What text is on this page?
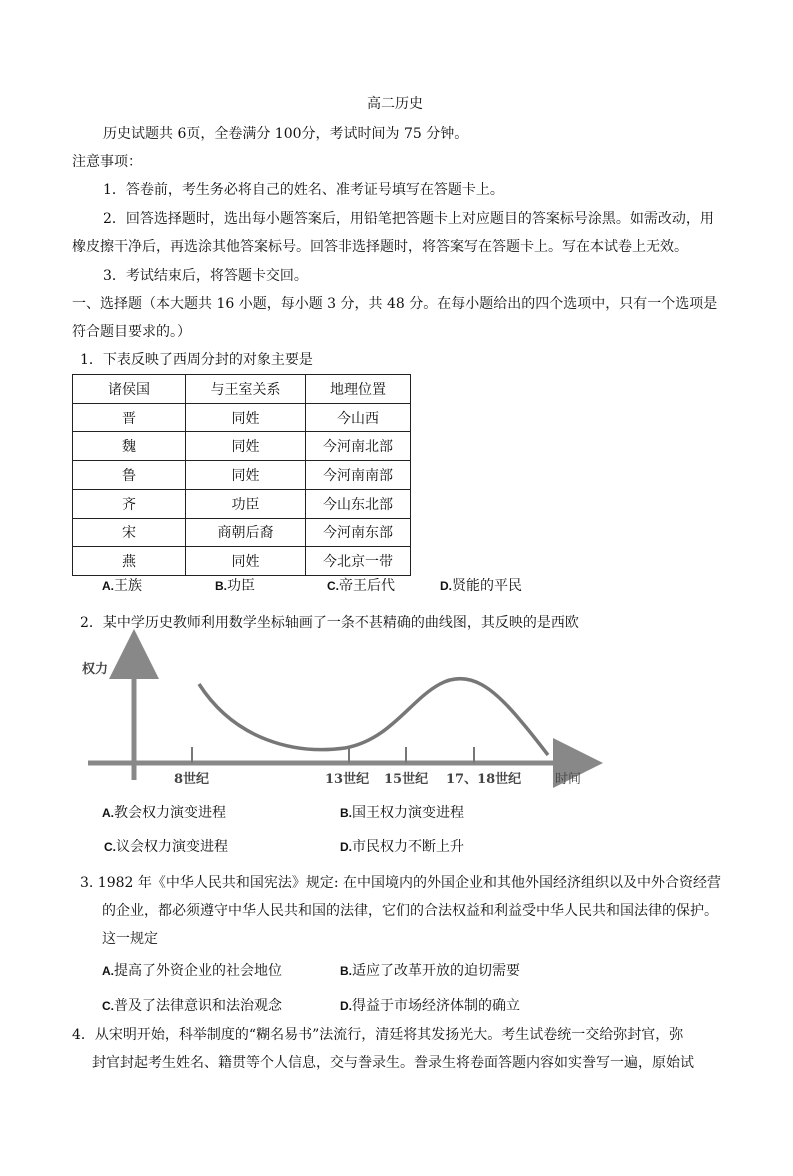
高二历史
历史试题共 6页，全卷满分 100分，考试时间为 75 分钟。
注意事项：
1．答卷前，考生务必将自己的姓名、准考证号填写在答题卡上。
2．回答选择题时，选出每小题答案后，用铅笔把答题卡上对应题目的答案标号涂黑。如需改动，用
橡皮擦干净后，再选涂其他答案标号。回答非选择题时，将答案写在答题卡上。写在本试卷上无效。
3．考试结束后，将答题卡交回。
一、选择题（本大题共 16 小题，每小题 3 分，共 48 分。在每小题给出的四个选项中，只有一个选项是
符合题目要求的。）
1．下表反映了西周分封的对象主要是
诸侯国	与王室关系	地理位置
晋	同姓	今山西
魏	同姓	今河南北部
鲁	同姓	今河南南部
齐	功臣	今山东北部
宋	商朝后裔	今河南东部
燕	同姓	今北京一带
A.王族	B.功臣	C.帝王后代	D.贤能的平民
2．某中学历史教师利用数学坐标轴画了一条不甚精确的曲线图，其反映的是西欧
权力
时间
8世纪	13世纪 15世纪 17、18世纪
A.教会权力演变进程	B.国王权力演变进程
C.议会权力演变进程	D.市民权力不断上升
3. 1982 年《中华人民共和国宪法》规定: 在中国境内的外国企业和其他外国经济组织以及中外合资经营
的企业，都必须遵守中华人民共和国的法律，它们的合法权益和利益受中华人民共和国法律的保护。
这一规定
A.提高了外资企业的社会地位	B.适应了改革开放的迫切需要
C.普及了法律意识和法治观念	D.得益于市场经济体制的确立
4．从宋明开始，科举制度的“糊名易书”法流行，清廷将其发扬光大。考生试卷统一交给弥封官，弥
封官封起考生姓名、籍贯等个人信息，交与誊录生。誊录生将卷面答题内容如实誊写一遍，原始试
